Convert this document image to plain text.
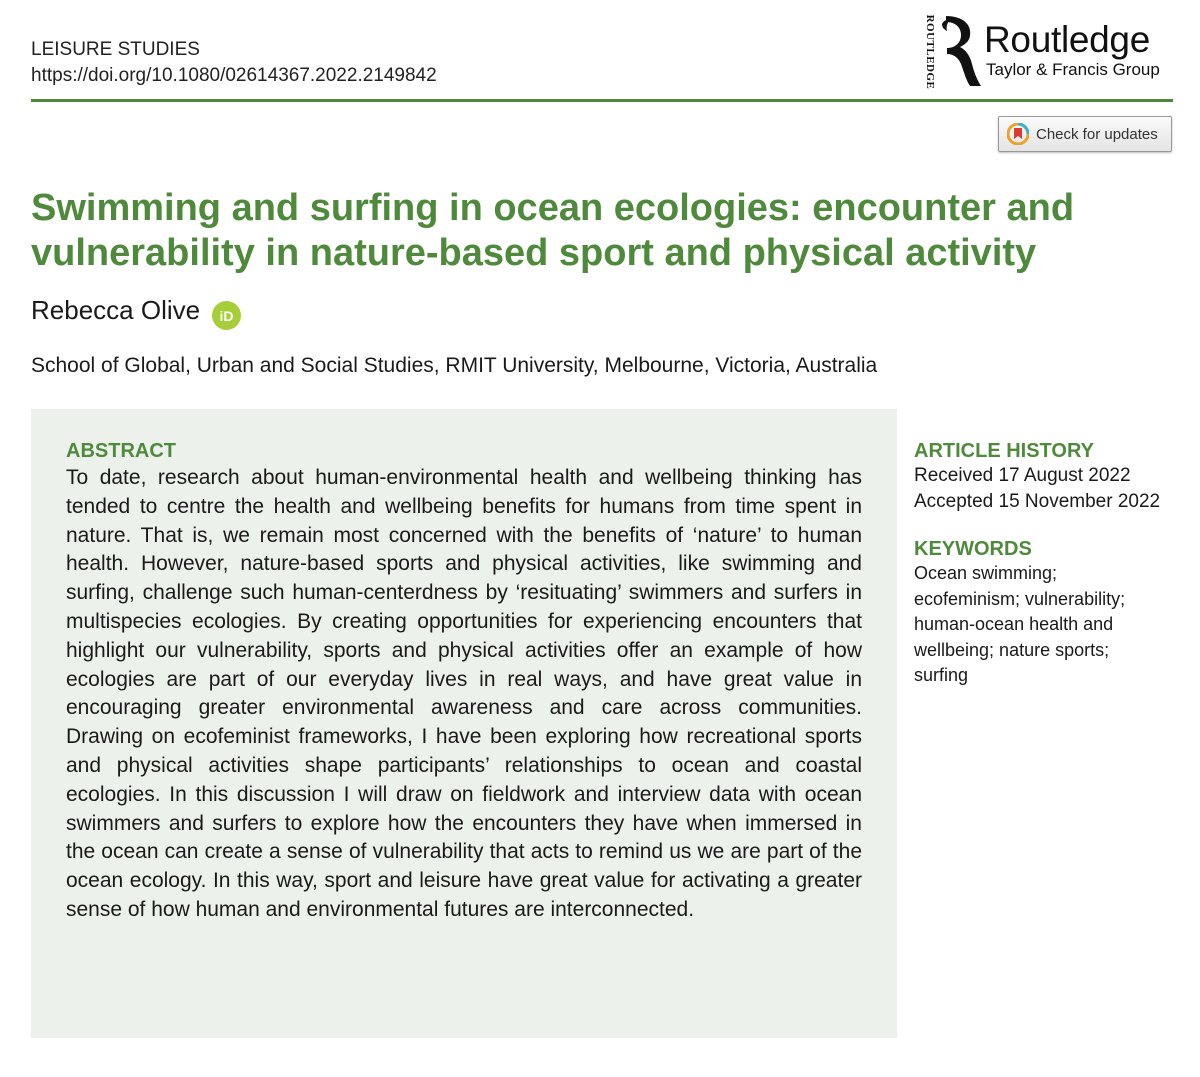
LEISURE STUDIES
https://doi.org/10.1080/02614367.2022.2149842	ROUTLEDGE Routledge
Taylor & Francis Group
Check for updates
Swimming and surfing in ocean ecologies: encounter and vulnerability in nature-based sport and physical activity
Rebecca Olive	iD
School of Global, Urban and Social Studies, RMIT University, Melbourne, Victoria, Australia
ABSTRACT

To date, research about human-environmental health and wellbeing thinking has tended to centre the health and wellbeing benefits for humans from time spent in nature. That is, we remain most concerned with the benefits of ‘nature’ to human health. However, nature-based sports and physical activities, like swimming and surfing, challenge such human-centerdness by ‘resituating’ swimmers and surfers in multispecies ecologies. By creating opportunities for experiencing encounters that highlight our vulnerability, sports and physical activities offer an example of how ecologies are part of our everyday lives in real ways, and have great value in encouraging greater environmental awareness and care across communities. Drawing on ecofeminist frameworks, I have been exploring how recreational sports and physical activities shape participants’ relationships to ocean and coastal ecologies. In this discussion I will draw on fieldwork and interview data with ocean swimmers and surfers to explore how the encounters they have when immersed in the ocean can create a sense of vulnerability that acts to remind us we are part of the ocean ecology. In this way, sport and leisure have great value for activating a greater sense of how human and environmental futures are interconnected.

ARTICLE HISTORY
Received 17 August 2022
Accepted 15 November 2022
KEYWORDS
Ocean swimming; ecofeminism; vulnerability; human-ocean health and wellbeing; nature sports; surfing
